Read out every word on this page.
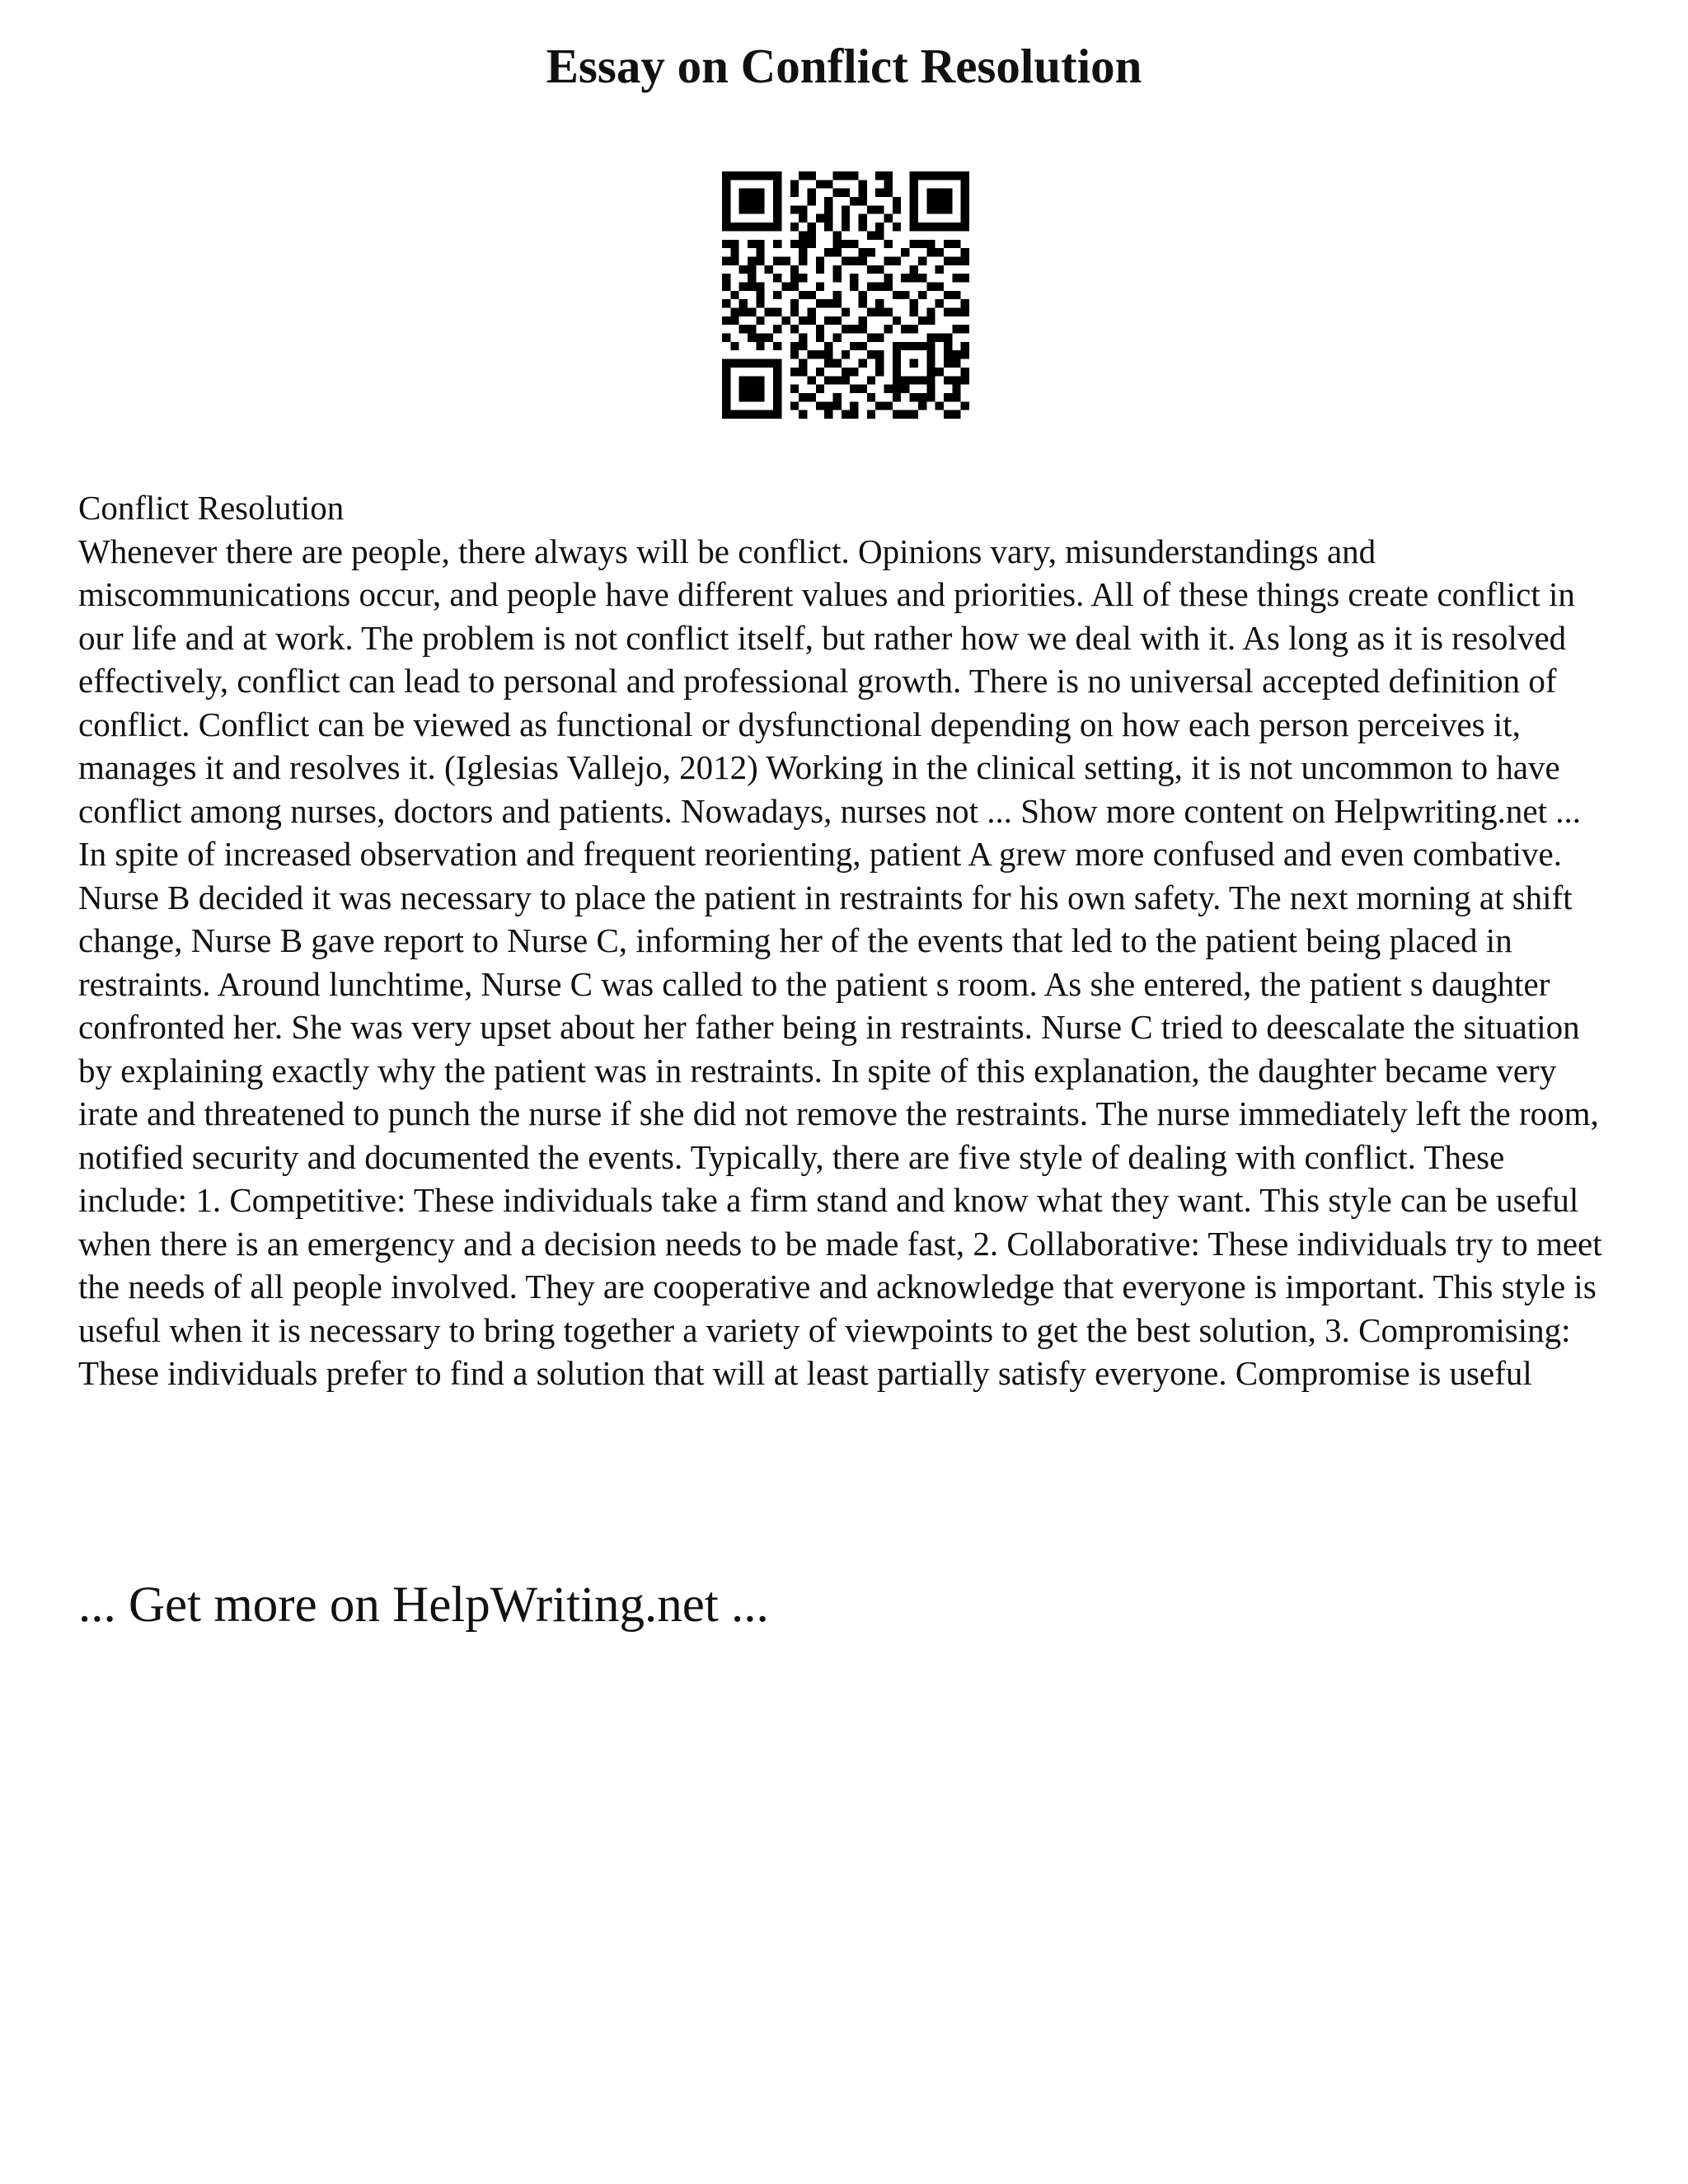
Essay on Conflict Resolution

Conflict Resolution

Whenever there are people, there always will be conflict. Opinions vary, misunderstandings and miscommunications occur, and people have different values and priorities. All of these things create conflict in our life and at work. The problem is not conflict itself, but rather how we deal with it. As long as it is resolved effectively, conflict can lead to personal and professional growth. There is no universal accepted definition of conflict. Conflict can be viewed as functional or dysfunctional depending on how each person perceives it, manages it and resolves it. (Iglesias Vallejo, 2012) Working in the clinical setting, it is not uncommon to have conflict among nurses, doctors and patients. Nowadays, nurses not ... Show more content on Helpwriting.net ...

In spite of increased observation and frequent reorienting, patient A grew more confused and even combative. Nurse B decided it was necessary to place the patient in restraints for his own safety. The next morning at shift change, Nurse B gave report to Nurse C, informing her of the events that led to the patient being placed in restraints. Around lunchtime, Nurse C was called to the patient s room. As she entered, the patient s daughter confronted her. She was very upset about her father being in restraints. Nurse C tried to deescalate the situation by explaining exactly why the patient was in restraints. In spite of this explanation, the daughter became very irate and threatened to punch the nurse if she did not remove the restraints. The nurse immediately left the room, notified security and documented the events. Typically, there are five style of dealing with conflict. These include: 1. Competitive: These individuals take a firm stand and know what they want. This style can be useful when there is an emergency and a decision needs to be made fast, 2. Collaborative: These individuals try to meet the needs of all people involved. They are cooperative and acknowledge that everyone is important. This style is useful when it is necessary to bring together a variety of viewpoints to get the best solution, 3. Compromising: These individuals prefer to find a solution that will at least partially satisfy everyone. Compromise is useful

... Get more on HelpWriting.net ...
